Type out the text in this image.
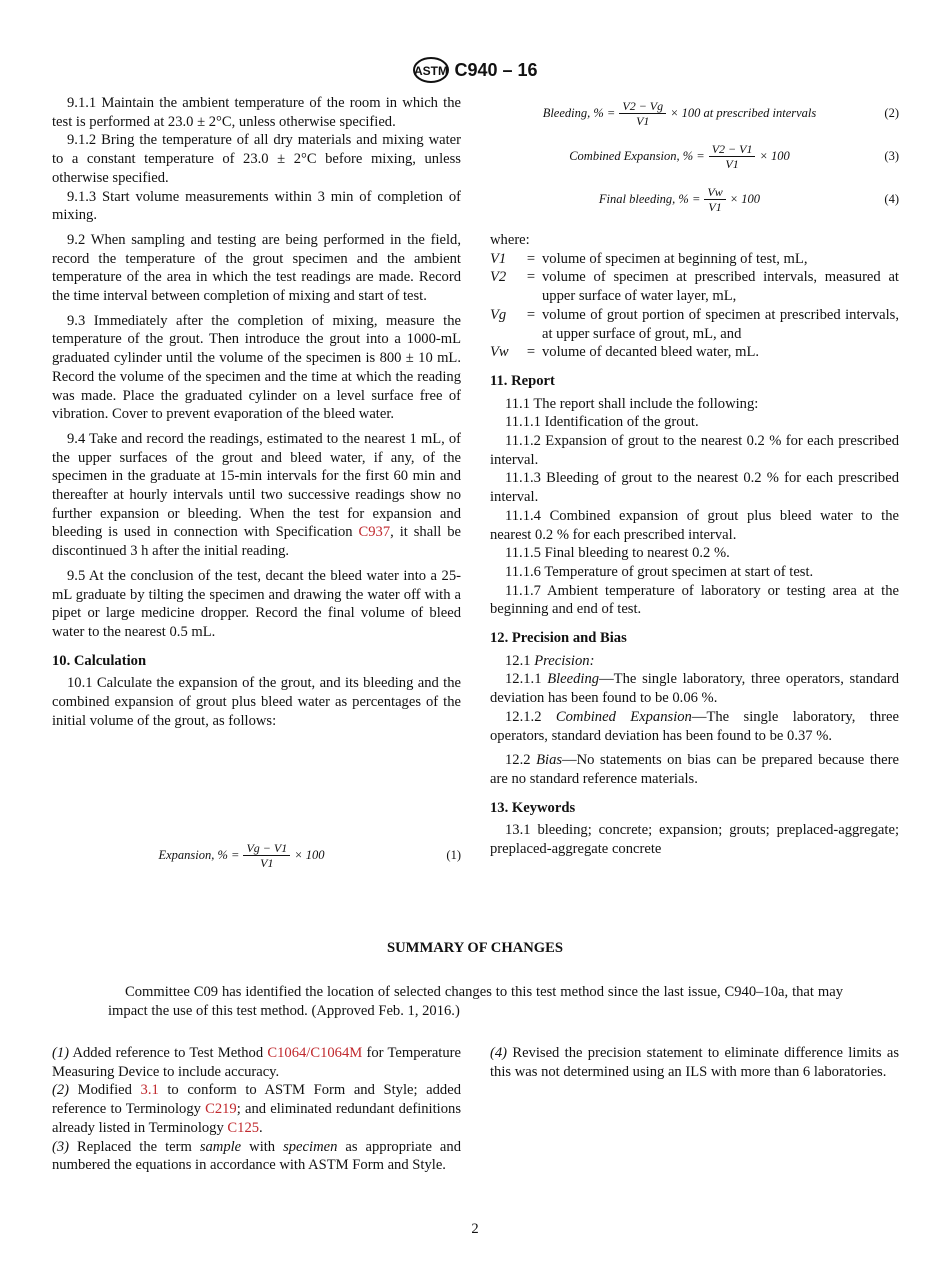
ASTM C940 – 16

9.1.1 Maintain the ambient temperature of the room in which the test is performed at 23.0 ± 2°C, unless otherwise specified.

9.1.2 Bring the temperature of all dry materials and mixing water to a constant temperature of 23.0 ± 2°C before mixing, unless otherwise specified.

9.1.3 Start volume measurements within 3 min of completion of mixing.

9.2 When sampling and testing are being performed in the field, record the temperature of the grout specimen and the ambient temperature of the area in which the test readings are made. Record the time interval between completion of mixing and start of test.

9.3 Immediately after the completion of mixing, measure the temperature of the grout. Then introduce the grout into a 1000-mL graduated cylinder until the volume of the specimen is 800 ± 10 mL. Record the volume of the specimen and the time at which the reading was made. Place the graduated cylinder on a level surface free of vibration. Cover to prevent evaporation of the bleed water.

9.4 Take and record the readings, estimated to the nearest 1 mL, of the upper surfaces of the grout and bleed water, if any, of the specimen in the graduate at 15-min intervals for the first 60 min and thereafter at hourly intervals until two successive readings show no further expansion or bleeding. When the test for expansion and bleeding is used in connection with Specification C937, it shall be discontinued 3 h after the initial reading.

9.5 At the conclusion of the test, decant the bleed water into a 25-mL graduate by tilting the specimen and drawing the water off with a pipet or large medicine dropper. Record the final volume of bleed water to the nearest 0.5 mL.

10. Calculation

10.1 Calculate the expansion of the grout, and its bleeding and the combined expansion of grout plus bleed water as percentages of the initial volume of the grout, as follows:

Expansion, % = $\frac{Vg - V1}{V1} \times 100$	(1)
Bleeding, % = $\frac{V2 - Vg}{V1} \times 100$ at prescribed intervals	(2)
Combined Expansion, % = $\frac{V2 - V1}{V1} \times 100$	(3)
Final bleeding, % = $\frac{Vw}{V1} \times 100$	(4)
where:
V1	=	volume of specimen at beginning of test, mL,
V2	=	volume of specimen at prescribed intervals, measured at upper surface of water layer, mL,
Vg	=	volume of grout portion of specimen at prescribed intervals, at upper surface of grout, mL, and
Vw	=	volume of decanted bleed water, mL.
11. Report

11.1 The report shall include the following:

11.1.1 Identification of the grout.

11.1.2 Expansion of grout to the nearest 0.2 % for each prescribed interval.

11.1.3 Bleeding of grout to the nearest 0.2 % for each prescribed interval.

11.1.4 Combined expansion of grout plus bleed water to the nearest 0.2 % for each prescribed interval.

11.1.5 Final bleeding to nearest 0.2 %.

11.1.6 Temperature of grout specimen at start of test.

11.1.7 Ambient temperature of laboratory or testing area at the beginning and end of test.

12. Precision and Bias

12.1 Precision:

12.1.1 Bleeding—The single laboratory, three operators, standard deviation has been found to be 0.06 %.

12.1.2 Combined Expansion—The single laboratory, three operators, standard deviation has been found to be 0.37 %.

12.2 Bias—No statements on bias can be prepared because there are no standard reference materials.

13. Keywords

13.1 bleeding; concrete; expansion; grouts; preplaced-aggregate; preplaced-aggregate concrete

SUMMARY OF CHANGES
Committee C09 has identified the location of selected changes to this test method since the last issue, C940–10a, that may impact the use of this test method. (Approved Feb. 1, 2016.)

(1) Added reference to Test Method C1064/C1064M for Temperature Measuring Device to include accuracy.

(2) Modified 3.1 to conform to ASTM Form and Style; added reference to Terminology C219; and eliminated redundant definitions already listed in Terminology C125.

(3) Replaced the term sample with specimen as appropriate and numbered the equations in accordance with ASTM Form and Style.

(4) Revised the precision statement to eliminate difference limits as this was not determined using an ILS with more than 6 laboratories.

2
